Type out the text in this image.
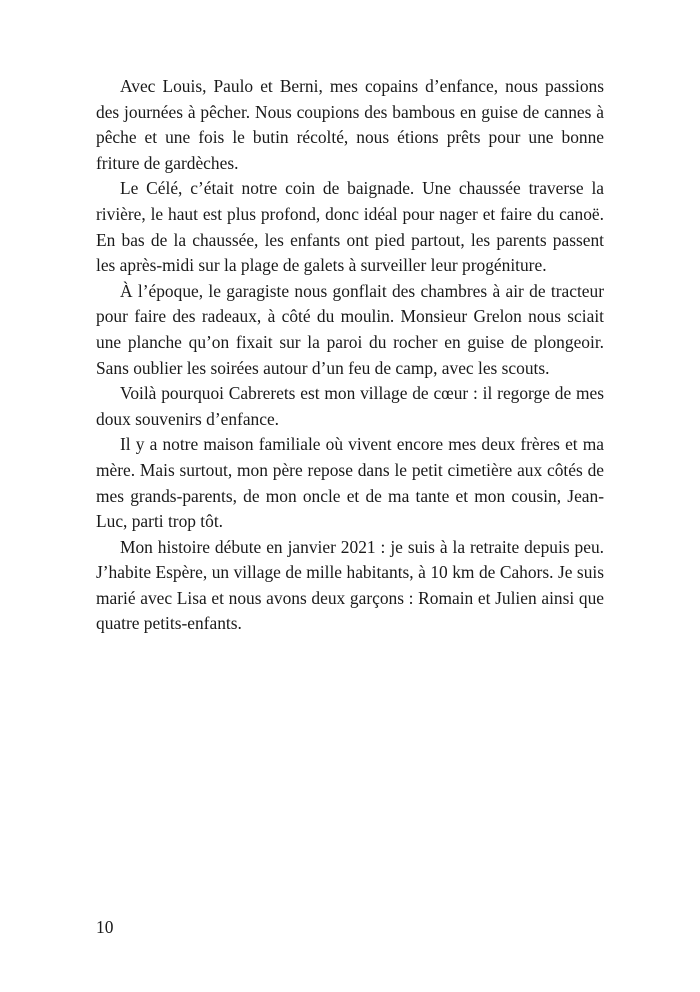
Avec Louis, Paulo et Berni, mes copains d’enfance, nous passions des journées à pêcher. Nous coupions des bambous en guise de cannes à pêche et une fois le butin récolté, nous étions prêts pour une bonne friture de gardèches.

Le Célé, c’était notre coin de baignade. Une chaussée traverse la rivière, le haut est plus profond, donc idéal pour nager et faire du canoë. En bas de la chaussée, les enfants ont pied partout, les parents passent les après-midi sur la plage de galets à surveiller leur progéniture.

À l’époque, le garagiste nous gonflait des chambres à air de tracteur pour faire des radeaux, à côté du moulin. Monsieur Grelon nous sciait une planche qu’on fixait sur la paroi du rocher en guise de plongeoir. Sans oublier les soirées autour d’un feu de camp, avec les scouts.

Voilà pourquoi Cabrerets est mon village de cœur : il regorge de mes doux souvenirs d’enfance.

Il y a notre maison familiale où vivent encore mes deux frères et ma mère. Mais surtout, mon père repose dans le petit cimetière aux côtés de mes grands-parents, de mon oncle et de ma tante et mon cousin, Jean-Luc, parti trop tôt.

Mon histoire débute en janvier 2021 : je suis à la retraite depuis peu. J’habite Espère, un village de mille habitants, à 10 km de Cahors. Je suis marié avec Lisa et nous avons deux garçons : Romain et Julien ainsi que quatre petits-enfants.

10
